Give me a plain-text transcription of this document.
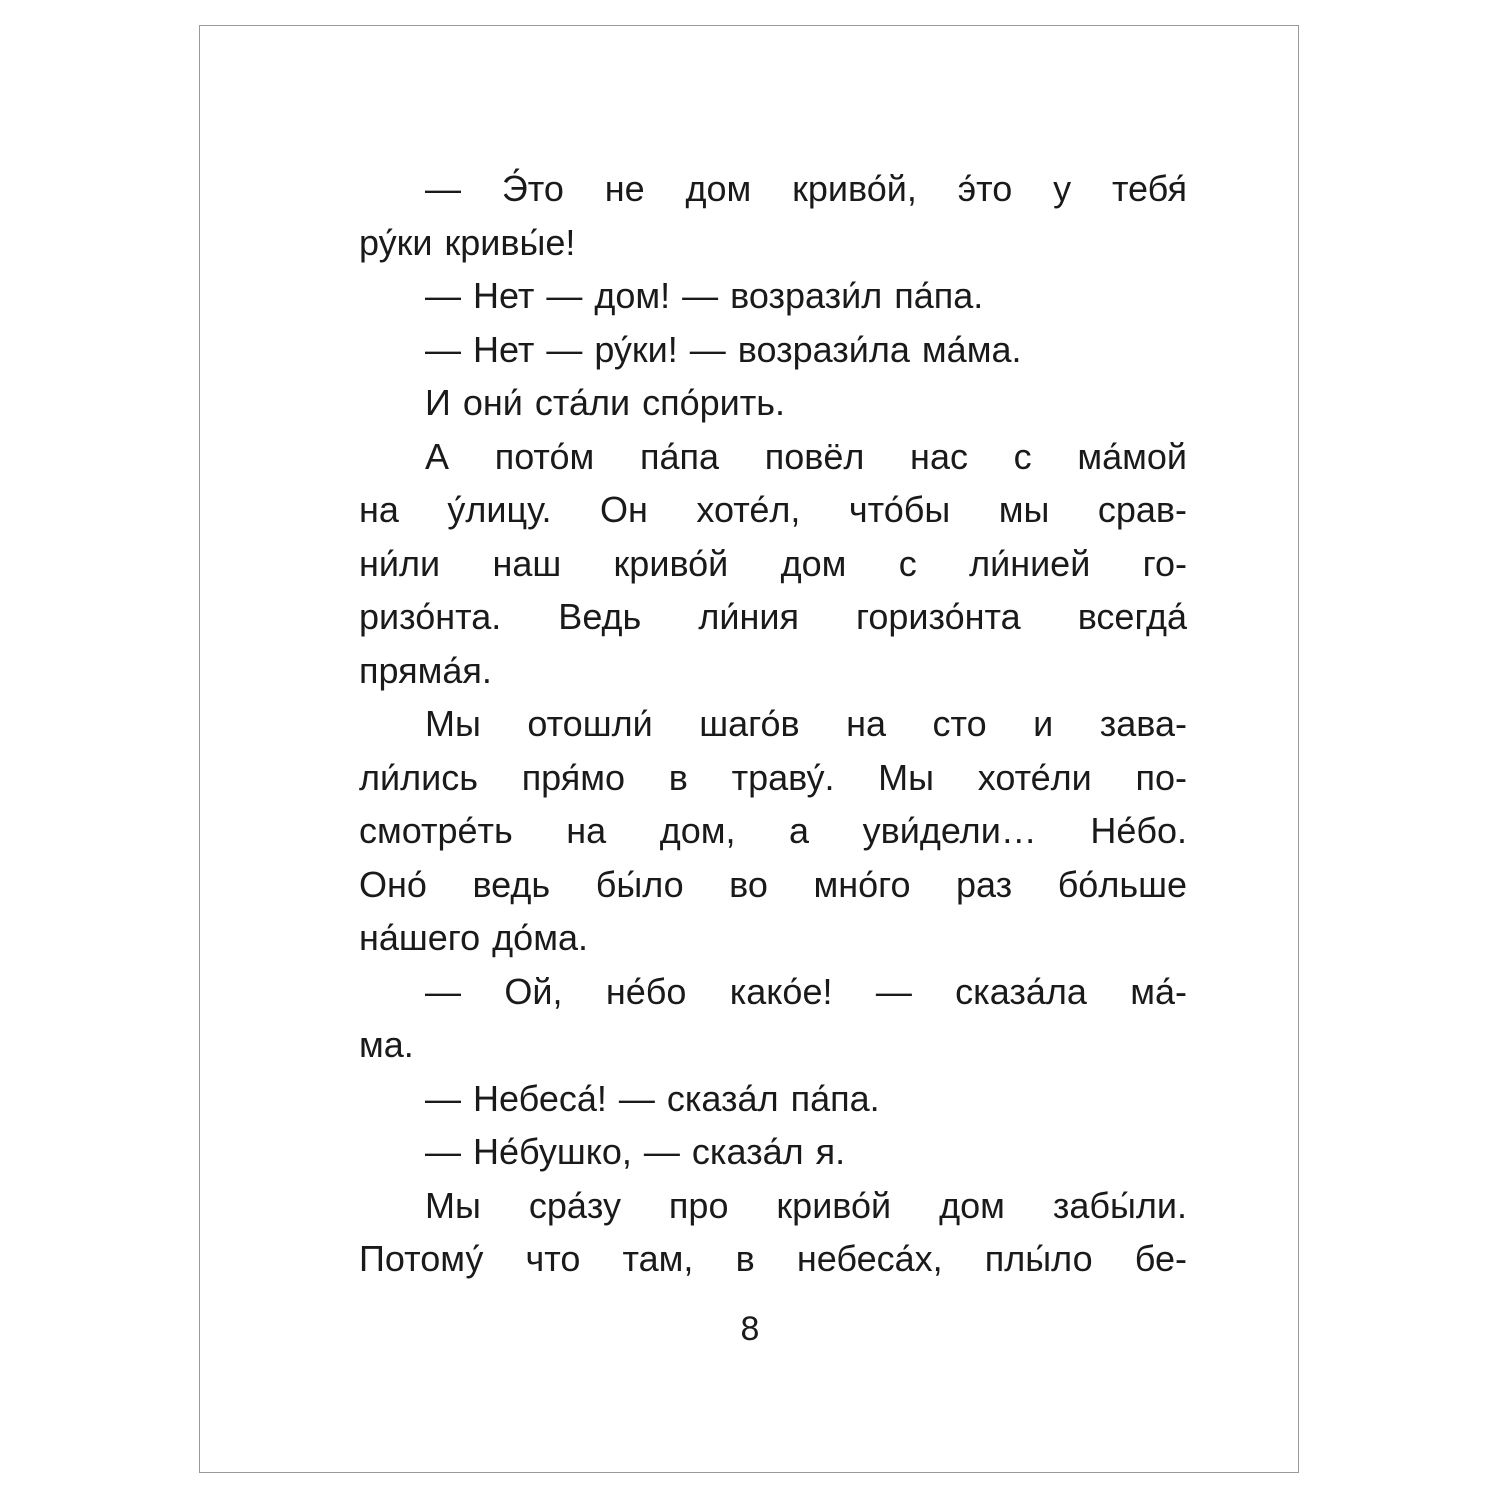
— Э́то не дом криво́й, э́то у тебя́
ру́ки кривы́е!
— Нет — дом! — возрази́л па́па.
— Нет — ру́ки! — возрази́ла ма́ма.
И они́ ста́ли спо́рить.
А пото́м па́па повёл нас с ма́мой
на у́лицу. Он хоте́л, что́бы мы срав-
ни́ли наш криво́й дом с ли́нией го-
ризо́нта. Ведь ли́ния горизо́нта всегда́
пряма́я.
Мы отошли́ шаго́в на сто и зава-
ли́лись пря́мо в траву́. Мы хоте́ли по-
смотре́ть на дом, а уви́дели… Не́бо.
Оно́ ведь бы́ло во мно́го раз бо́льше
на́шего до́ма.
— Ой, не́бо како́е! — сказа́ла ма́-
ма.
— Небеса́! — сказа́л па́па.
— Не́бушко, — сказа́л я.
Мы сра́зу про криво́й дом забы́ли.
Потому́ что там, в небеса́х, плы́ло бе-
8
